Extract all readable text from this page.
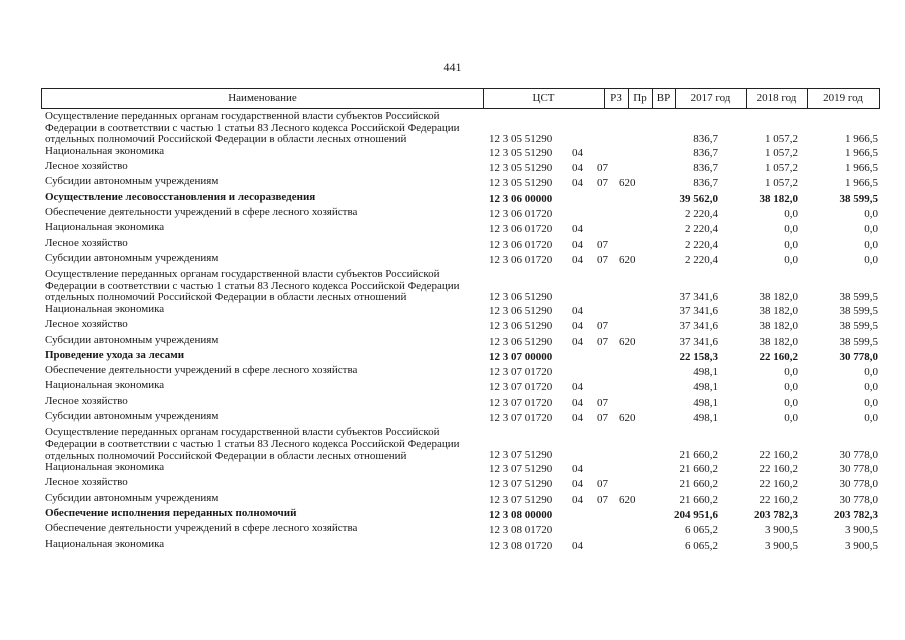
441
Наименование	ЦСТ	РЗ	Пр ВР	2017 год	2018 год	2019 год
Осуществление переданных органам государственной власти субъектов Российской Федерации в соответствии с частью 1 статьи 83 Лесного кодекса Российской Федерации отдельных полномочий Российской Федерации в области лесных отношений	12 3 05 51290	836,7	1 057,2	1 966,5
Национальная экономика	12 3 05 51290 04	836,7	1 057,2	1 966,5
Лесное хозяйство	12 3 05 51290 04 07	836,7	1 057,2	1 966,5
Субсидии автономным учреждениям	12 3 05 51290 04 07 620	836,7	1 057,2	1 966,5
Осуществление лесовосстановления и лесоразведения	12 3 06 00000	39 562,0	38 182,0	38 599,5
Обеспечение деятельности учреждений в сфере лесного хозяйства	12 3 06 01720	2 220,4	0,0	0,0
Национальная экономика	12 3 06 01720 04	2 220,4	0,0	0,0
Лесное хозяйство	12 3 06 01720 04 07	2 220,4	0,0	0,0
Субсидии автономным учреждениям	12 3 06 01720 04 07 620	2 220,4	0,0	0,0
Осуществление переданных органам государственной власти субъектов Российской Федерации в соответствии с частью 1 статьи 83 Лесного кодекса Российской Федерации отдельных полномочий Российской Федерации в области лесных отношений	12 3 06 51290	37 341,6	38 182,0	38 599,5
Национальная экономика	12 3 06 51290 04	37 341,6	38 182,0	38 599,5
Лесное хозяйство	12 3 06 51290 04 07	37 341,6	38 182,0	38 599,5
Субсидии автономным учреждениям	12 3 06 51290 04 07 620	37 341,6	38 182,0	38 599,5
Проведение ухода за лесами	12 3 07 00000	22 158,3	22 160,2	30 778,0
Обеспечение деятельности учреждений в сфере лесного хозяйства	12 3 07 01720	498,1	0,0	0,0
Национальная экономика	12 3 07 01720 04	498,1	0,0	0,0
Лесное хозяйство	12 3 07 01720 04 07	498,1	0,0	0,0
Субсидии автономным учреждениям	12 3 07 01720 04 07 620	498,1	0,0	0,0
Осуществление переданных органам государственной власти субъектов Российской Федерации в соответствии с частью 1 статьи 83 Лесного кодекса Российской Федерации отдельных полномочий Российской Федерации в области лесных отношений	12 3 07 51290	21 660,2	22 160,2	30 778,0
Национальная экономика	12 3 07 51290 04	21 660,2	22 160,2	30 778,0
Лесное хозяйство	12 3 07 51290 04 07	21 660,2	22 160,2	30 778,0
Субсидии автономным учреждениям	12 3 07 51290 04 07 620	21 660,2	22 160,2	30 778,0
Обеспечение исполнения переданных полномочий	12 3 08 00000	204 951,6	203 782,3	203 782,3
Обеспечение деятельности учреждений в сфере лесного хозяйства	12 3 08 01720	6 065,2	3 900,5	3 900,5
Национальная экономика	12 3 08 01720 04	6 065,2	3 900,5	3 900,5
